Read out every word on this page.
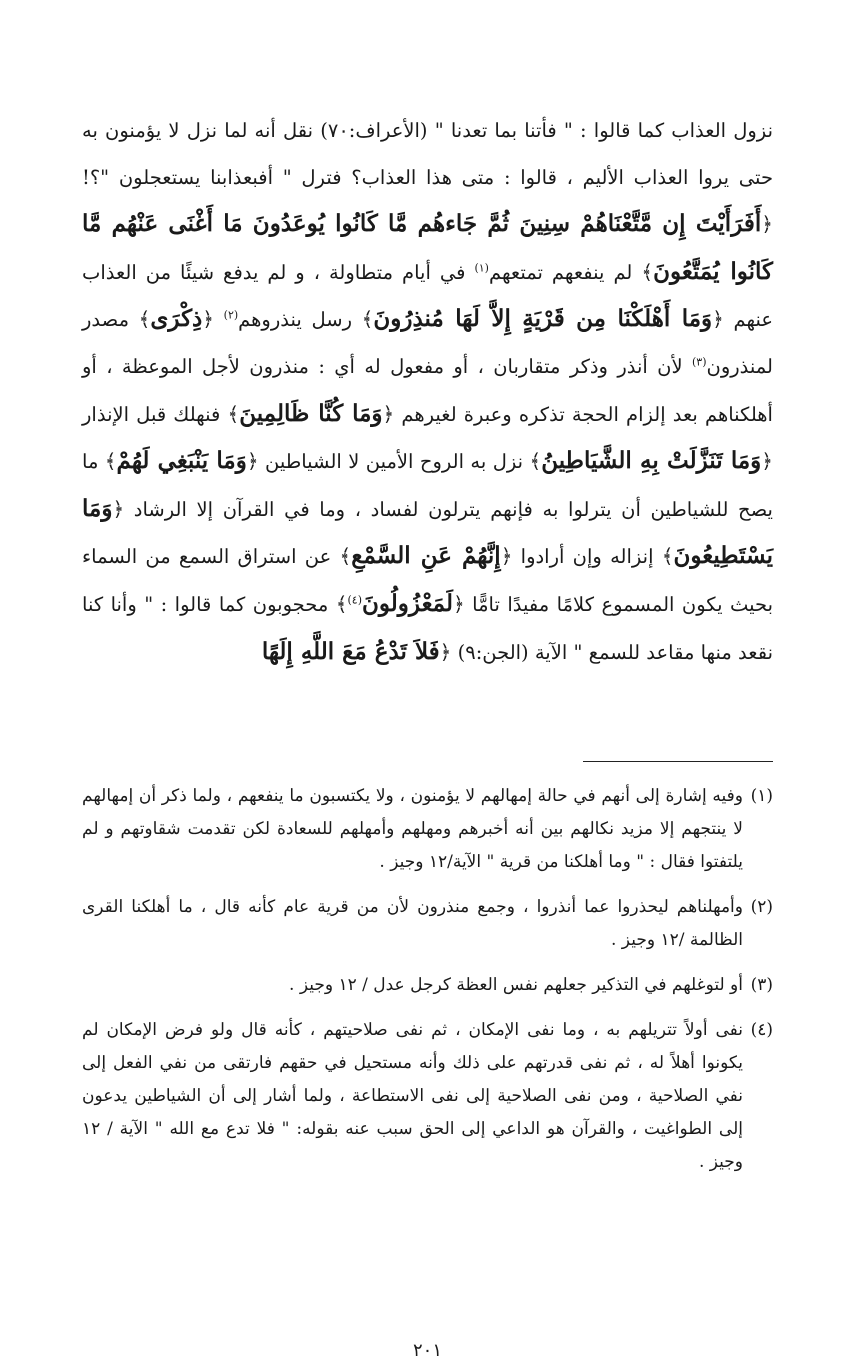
نزول العذاب كما قالوا : " فأتنا بما تعدنا " (الأعراف:٧٠) نقل أنه لما نزل لا يؤمنون به حتى يروا العذاب الأليم ، قالوا : متى هذا العذاب؟ فترل " أفبعذابنا يستعجلون "؟! ﴿أَفَرَأَيْتَ إِن مَّتَّعْنَاهُمْ سِنِينَ ثُمَّ جَاءهُم مَّا كَانُوا يُوعَدُونَ مَا أَغْنَى عَنْهُم مَّا كَانُوا يُمَتَّعُونَ﴾ لم ينفعهم تمتعهم$^{(١)}$ في أيام متطاولة ، و لم يدفع شيئًا من العذاب عنهم ﴿وَمَا أَهْلَكْنَا مِن قَرْيَةٍ إِلاَّ لَهَا مُنذِرُونَ﴾ رسل ينذروهم$^{(٢)}$ ﴿ذِكْرَى﴾ مصدر لمنذرون$^{(٣)}$ لأن أنذر وذكر متقاربان ، أو مفعول له أي : منذرون لأجل الموعظة ، أو أهلكناهم بعد إلزام الحجة تذكره وعبرة لغيرهم ﴿وَمَا كُنَّا ظَالِمِينَ﴾ فنهلك قبل الإنذار ﴿وَمَا تَنَزَّلَتْ بِهِ الشَّيَاطِينُ﴾ نزل به الروح الأمين لا الشياطين ﴿وَمَا يَنْبَغِي لَهُمْ﴾ ما يصح للشياطين أن يترلوا به فإنهم يترلون لفساد ، وما في القرآن إلا الرشاد ﴿وَمَا يَسْتَطِيعُونَ﴾ إنزاله وإن أرادوا ﴿إِنَّهُمْ عَنِ السَّمْعِ﴾ عن استراق السمع من السماء بحيث يكون المسموع كلامًا مفيدًا تامًّا ﴿لَمَعْزُولُونَ$^{(٤)}$﴾ محجوبون كما قالوا : " وأنا كنا نقعد منها مقاعد للسمع " الآية (الجن:٩) ﴿فَلاَ تَدْعُ مَعَ اللَّهِ إِلَهًا

(١)
وفيه إشارة إلى أنهم في حالة إمهالهم لا يؤمنون ، ولا يكتسبون ما ينفعهم ، ولما ذكر أن إمهالهم لا ينتجهم إلا مزيد نكالهم بين أنه أخبرهم ومهلهم وأمهلهم للسعادة لكن تقدمت شقاوتهم و لم يلتفتوا فقال : " وما أهلكنا من قرية " الآية/١٢ وجيز .
(٢)
وأمهلناهم ليحذروا عما أنذروا ، وجمع منذرون لأن من قرية عام كأنه قال ، ما أهلكنا القرى الظالمة /١٢ وجيز .
(٣)
أو لتوغلهم في التذكير جعلهم نفس العظة كرجل عدل / ١٢ وجيز .
(٤)
نفى أولاً تتريلهم به ، وما نفى الإمكان ، ثم نفى صلاحيتهم ، كأنه قال ولو فرض الإمكان لم يكونوا أهلاً له ، ثم نفى قدرتهم على ذلك وأنه مستحيل في حقهم فارتقى من نفي الفعل إلى نفي الصلاحية ، ومن نفى الصلاحية إلى نفى الاستطاعة ، ولما أشار إلى أن الشياطين يدعون إلى الطواغيت ، والقرآن هو الداعي إلى الحق سبب عنه بقوله: " فلا تدع مع الله " الآية / ١٢ وجيز .
٢٠١
